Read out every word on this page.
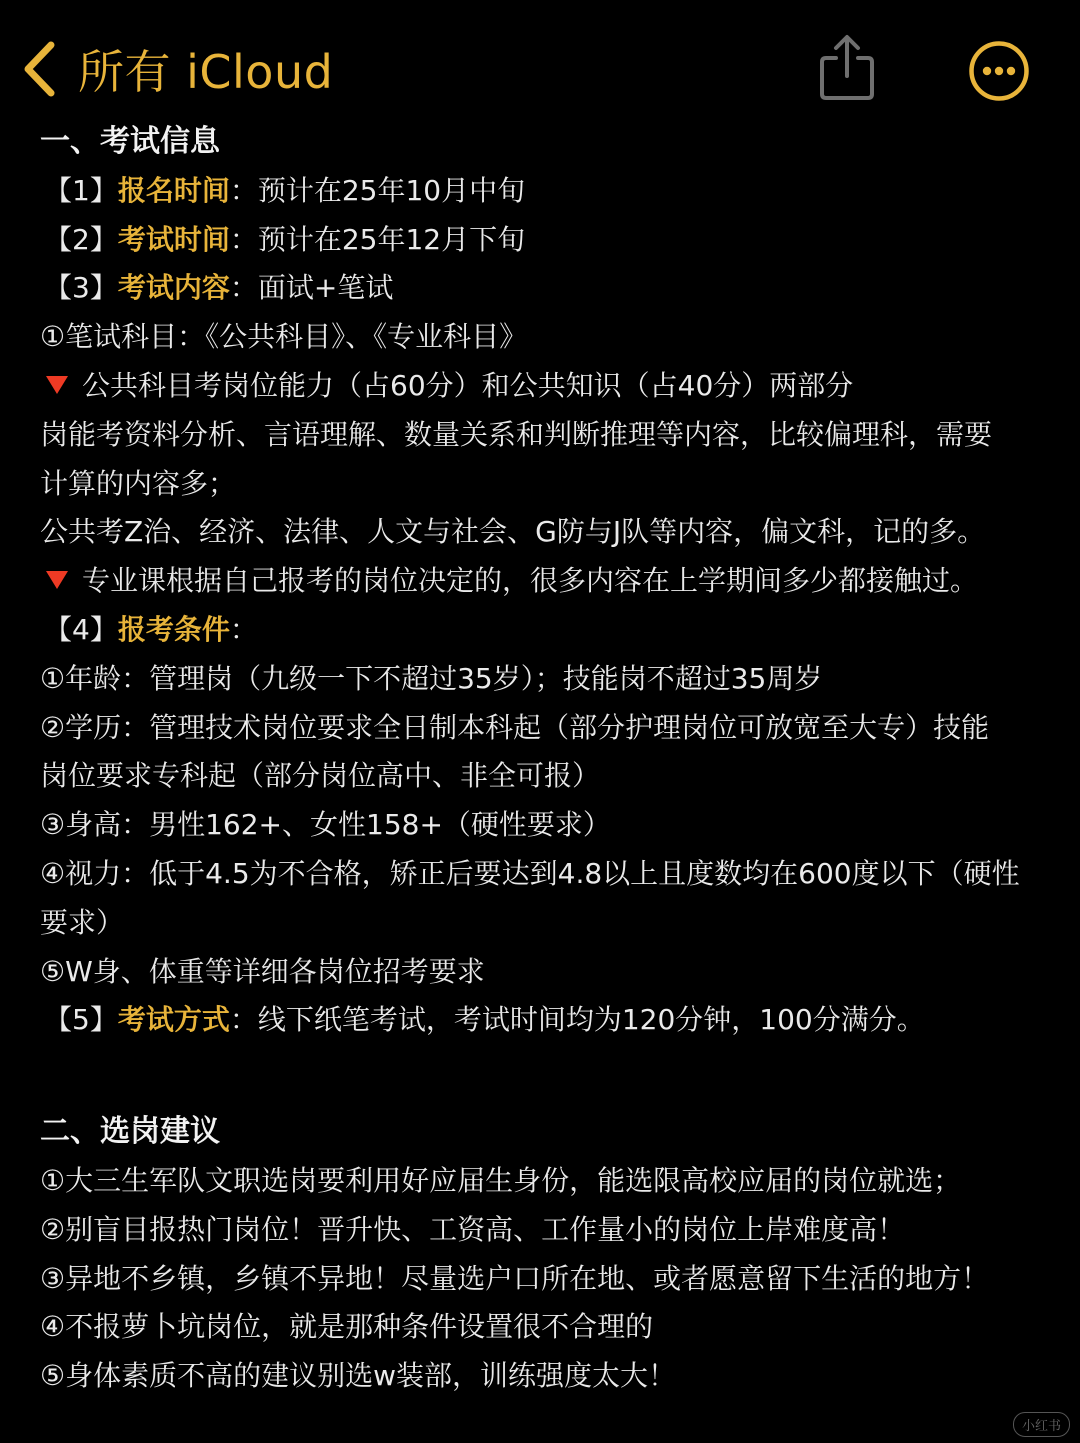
所有 iCloud
一、考试信息
【1】报名时间：预计在25年10月中旬
【2】考试时间：预计在25年12月下旬
【3】考试内容：面试+笔试
①笔试科目：《公共科目》、《专业科目》
公共科目考岗位能力（占60分）和公共知识（占40分）两部分
岗能考资料分析、言语理解、数量关系和判断推理等内容，比较偏理科，需要
计算的内容多；
公共考Z治、经济、法律、人文与社会、G防与J队等内容，偏文科，记的多。
专业课根据自己报考的岗位决定的，很多内容在上学期间多少都接触过。
【4】报考条件：
①年龄：管理岗（九级一下不超过35岁）；技能岗不超过35周岁
②学历：管理技术岗位要求全日制本科起（部分护理岗位可放宽至大专）技能
岗位要求专科起（部分岗位高中、非全可报）
③身高：男性162+、女性158+（硬性要求）
④视力：低于4.5为不合格，矫正后要达到4.8以上且度数均在600度以下（硬性
要求）
⑤W身、体重等详细各岗位招考要求
【5】考试方式：线下纸笔考试，考试时间均为120分钟，100分满分。
二、选岗建议
①大三生军队文职选岗要利用好应届生身份，能选限高校应届的岗位就选；
②别盲目报热门岗位！晋升快、工资高、工作量小的岗位上岸难度高！
③异地不乡镇，乡镇不异地！尽量选户口所在地、或者愿意留下生活的地方！
④不报萝卜坑岗位，就是那种条件设置很不合理的
⑤身体素质不高的建议别选w装部，训练强度太大！
小红书
